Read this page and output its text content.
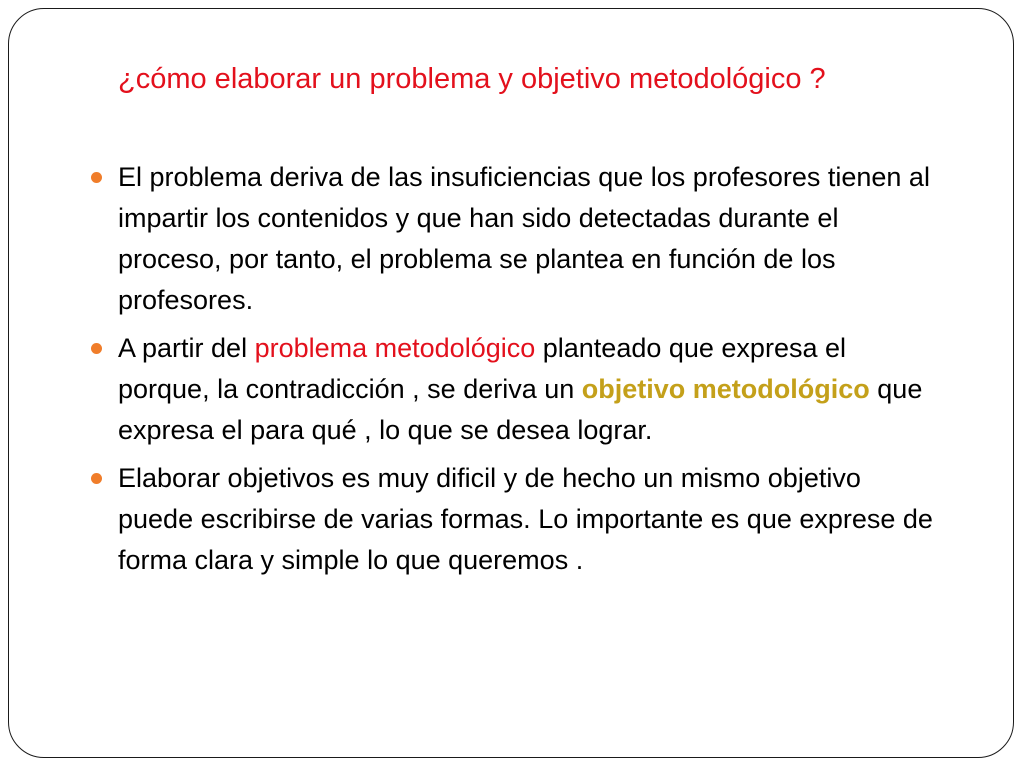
¿cómo elaborar un problema y objetivo metodológico ?
El problema deriva de las insuficiencias que los profesores tienen al impartir los contenidos y que han sido detectadas durante el proceso, por tanto, el problema se plantea en función de los profesores.
A partir del problema metodológico planteado que expresa el porque, la contradicción , se deriva un objetivo metodológico que expresa el para qué , lo que se desea lograr.
Elaborar objetivos es muy dificil y de hecho un mismo objetivo puede escribirse de varias formas. Lo importante es que exprese de forma clara y simple lo que queremos .
